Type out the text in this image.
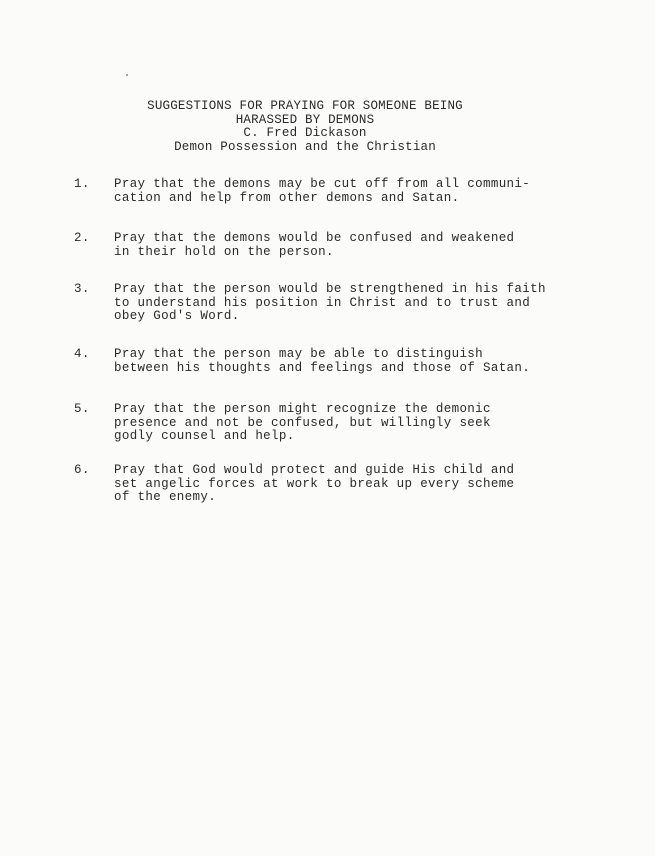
SUGGESTIONS FOR PRAYING FOR SOMEONE BEING
HARASSED BY DEMONS
C. Fred Dickason
Demon Possession and the Christian
1.	Pray that the demons may be cut off from all communi-
cation and help from other demons and Satan.
2.	Pray that the demons would be confused and weakened
in their hold on the person.
3.	Pray that the person would be strengthened in his faith
to understand his position in Christ and to trust and
obey God's Word.
4.	Pray that the person may be able to distinguish
between his thoughts and feelings and those of Satan.
5.	Pray that the person might recognize the demonic
presence and not be confused, but willingly seek
godly counsel and help.
6.	Pray that God would protect and guide His child and
set angelic forces at work to break up every scheme
of the enemy.
